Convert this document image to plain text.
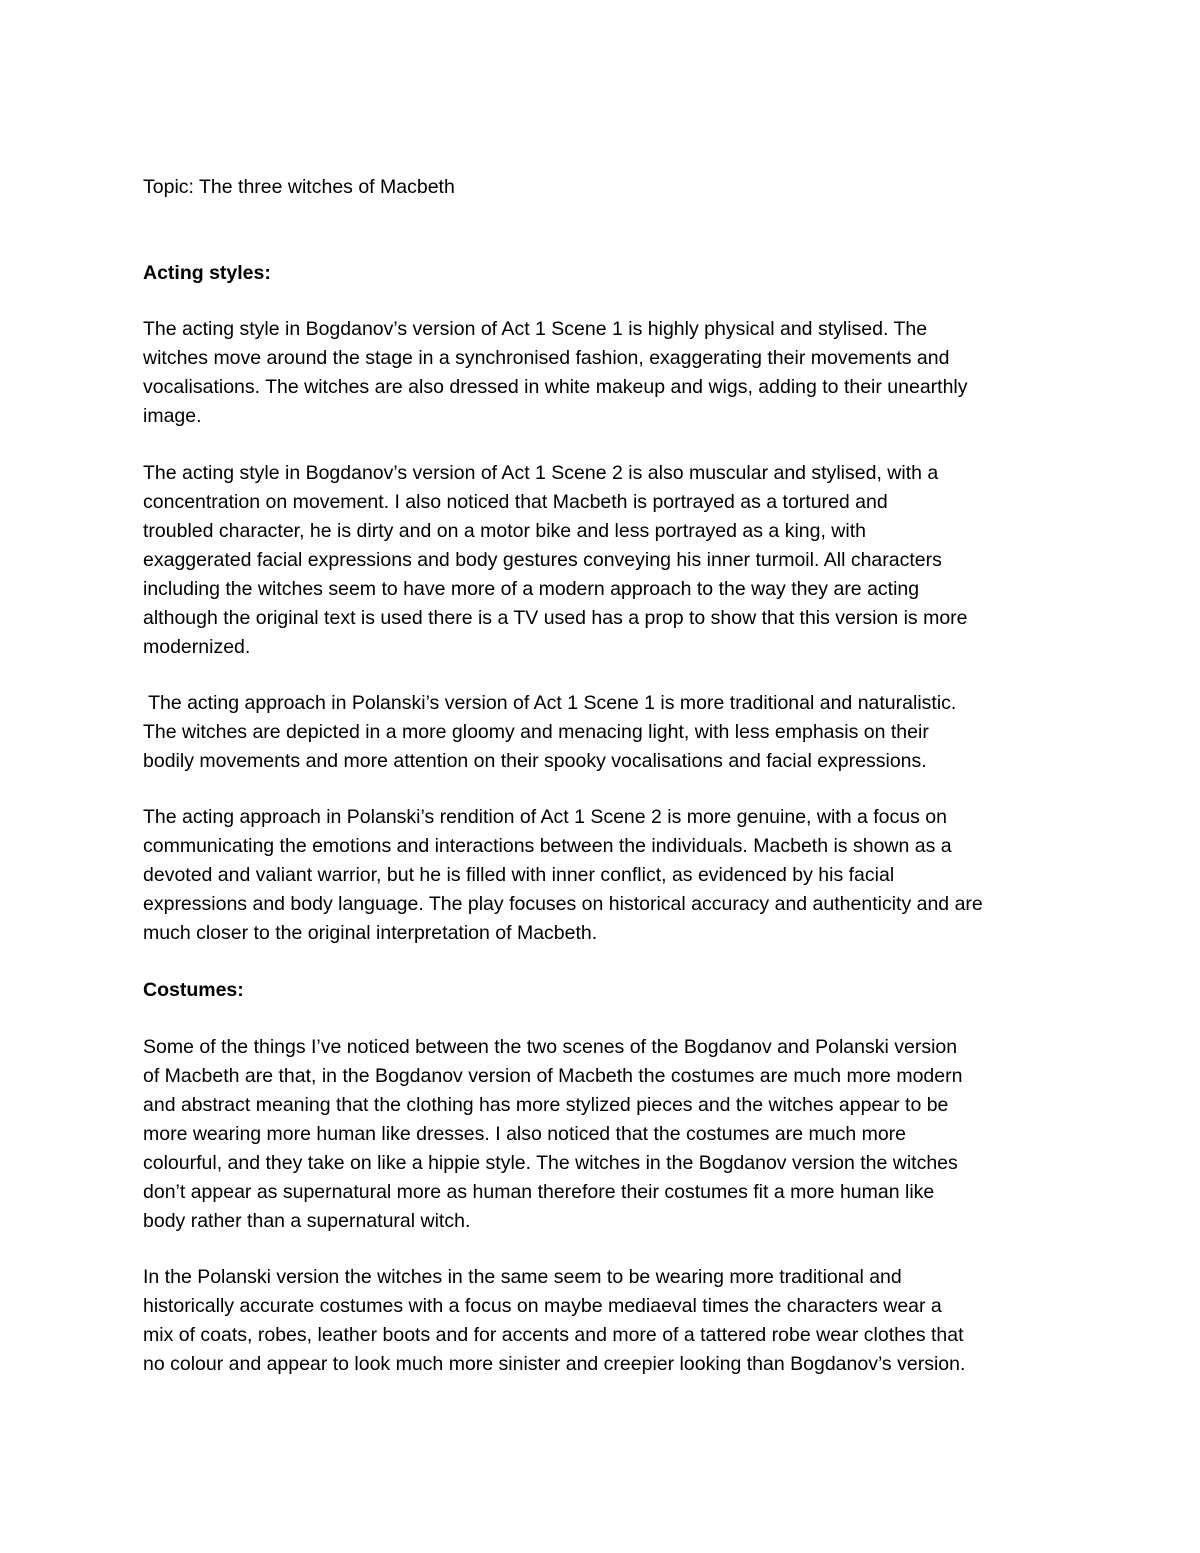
Topic: The three witches of Macbeth
Acting styles:
The acting style in Bogdanov’s version of Act 1 Scene 1 is highly physical and stylised. The
witches move around the stage in a synchronised fashion, exaggerating their movements and
vocalisations. The witches are also dressed in white makeup and wigs, adding to their unearthly
image.
The acting style in Bogdanov’s version of Act 1 Scene 2 is also muscular and stylised, with a
concentration on movement. I also noticed that Macbeth is portrayed as a tortured and
troubled character, he is dirty and on a motor bike and less portrayed as a king, with
exaggerated facial expressions and body gestures conveying his inner turmoil. All characters
including the witches seem to have more of a modern approach to the way they are acting
although the original text is used there is a TV used has a prop to show that this version is more
modernized.
The acting approach in Polanski’s version of Act 1 Scene 1 is more traditional and naturalistic.
The witches are depicted in a more gloomy and menacing light, with less emphasis on their
bodily movements and more attention on their spooky vocalisations and facial expressions.
The acting approach in Polanski’s rendition of Act 1 Scene 2 is more genuine, with a focus on
communicating the emotions and interactions between the individuals. Macbeth is shown as a
devoted and valiant warrior, but he is filled with inner conflict, as evidenced by his facial
expressions and body language. The play focuses on historical accuracy and authenticity and are
much closer to the original interpretation of Macbeth.
Costumes:
Some of the things I’ve noticed between the two scenes of the Bogdanov and Polanski version
of Macbeth are that, in the Bogdanov version of Macbeth the costumes are much more modern
and abstract meaning that the clothing has more stylized pieces and the witches appear to be
more wearing more human like dresses. I also noticed that the costumes are much more
colourful, and they take on like a hippie style. The witches in the Bogdanov version the witches
don’t appear as supernatural more as human therefore their costumes fit a more human like
body rather than a supernatural witch.
In the Polanski version the witches in the same seem to be wearing more traditional and
historically accurate costumes with a focus on maybe mediaeval times the characters wear a
mix of coats, robes, leather boots and for accents and more of a tattered robe wear clothes that
no colour and appear to look much more sinister and creepier looking than Bogdanov’s version.
